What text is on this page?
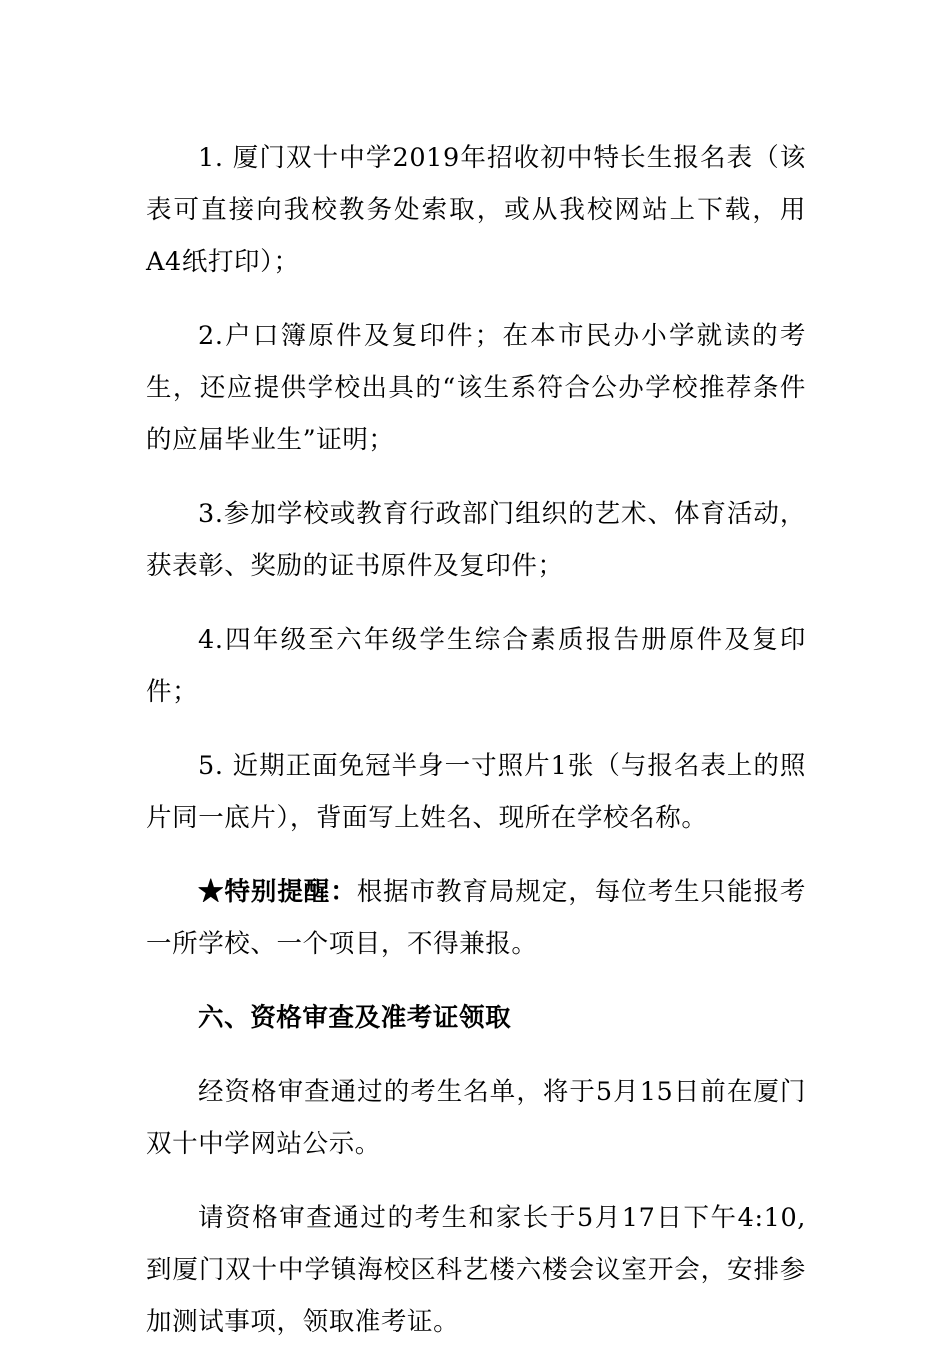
1. 厦门双十中学2019年招收初中特长生报名表（该表可直接向我校教务处索取，或从我校网站上下载，用A4纸打印）；

2.户口簿原件及复印件；在本市民办小学就读的考生，还应提供学校出具的“该生系符合公办学校推荐条件的应届毕业生”证明；

3.参加学校或教育行政部门组织的艺术、体育活动，获表彰、奖励的证书原件及复印件；

4.四年级至六年级学生综合素质报告册原件及复印件；

5. 近期正面免冠半身一寸照片1张（与报名表上的照片同一底片），背面写上姓名、现所在学校名称。

★特别提醒：根据市教育局规定，每位考生只能报考一所学校、一个项目，不得兼报。

六、资格审查及准考证领取

经资格审查通过的考生名单，将于5月15日前在厦门双十中学网站公示。

请资格审查通过的考生和家长于5月17日下午4:10,到厦门双十中学镇海校区科艺楼六楼会议室开会，安排参加测试事项，领取准考证。
